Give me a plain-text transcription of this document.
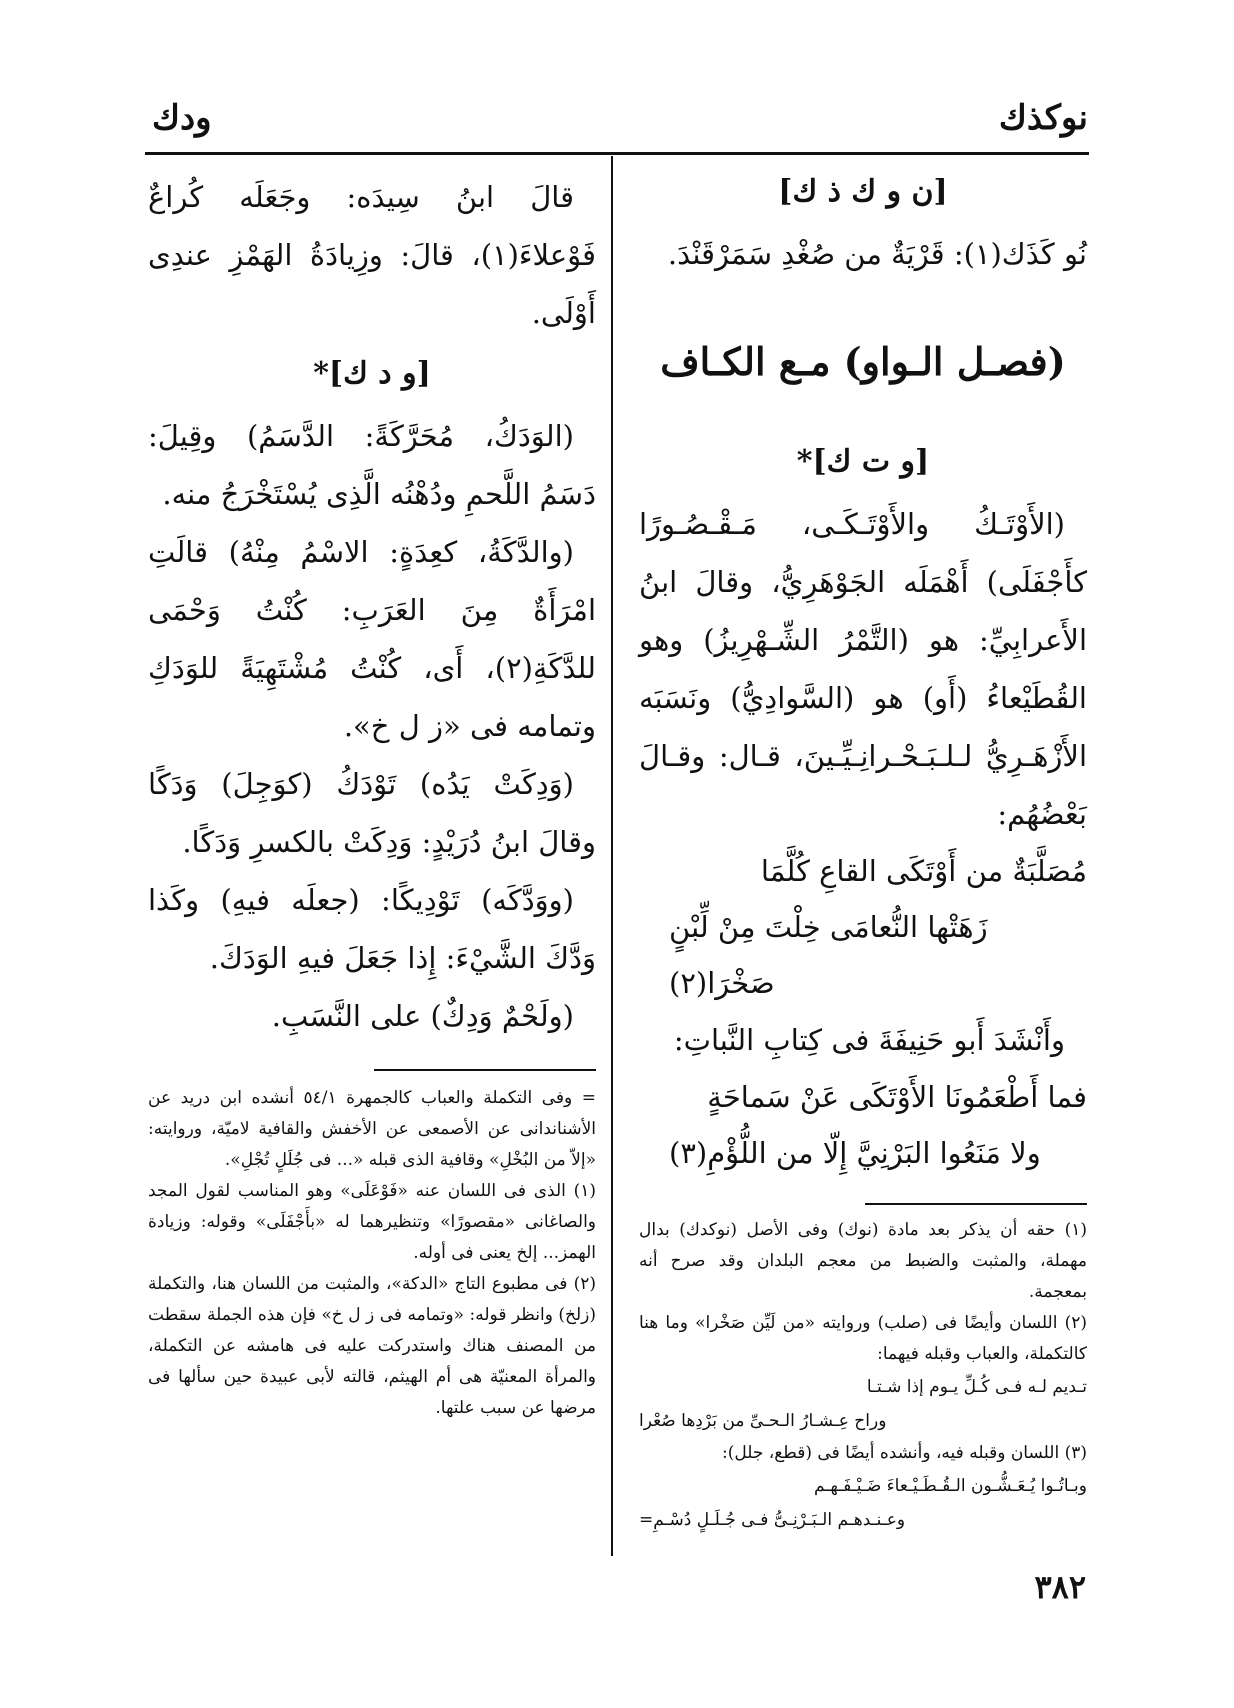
نوكذك
ودك
[ن و ك ذ ك]

نُو كَذَك(١): قَرْيَةٌ من صُغْدِ سَمَرْقَنْدَ.

(فصـل الـواو) مـع الكـاف
[و ت ك]*

(الأَوْتَـكُ والأَوْتَـكَـى، مَـقْـصُـورًا كأَجْفَلَى) أَهْمَلَه الجَوْهَرِيُّ، وقالَ ابنُ الأَعرابِيِّ: هو (التَّمْرُ الشِّـهْرِيزُ) وهو القُطَيْعاءُ (أَو) هو (السَّوادِيُّ) ونَسَبَه الأَزْهَـرِيُّ لـلـبَـحْـرانِـيِّـينَ، قـال: وقـالَ بَعْضُهُم:

مُصَلَّبَةٌ من أَوْتَكَى القاعِ كُلَّمَا

زَهَتْها النُّعامَى خِلْتَ مِنْ لِّبْنٍ صَخْرَا(٢)

وأَنْشَدَ أَبو حَنِيفَةَ فى كِتابِ النَّباتِ:

فما أَطْعَمُونَا الأَوْتَكَى عَنْ سَماحَةٍ

ولا مَنَعُوا البَرْنِيَّ إِلّا من اللُّؤْمِ(٣)

(١) حقه أن يذكر بعد مادة (نوك) وفى الأصل (نوكدك) بدال مهملة، والمثبت والضبط من معجم البلدان وقد صرح أنه بمعجمة.

(٢) اللسان وأيضًا فى (صلب) وروايته «من لَيِّن صَخْرا» وما هنا كالتكملة، والعباب وقبله فيهما:

تـديم لـه فـى كُـلِّ يـوم إذا شـتـا

وراح عِـشـارُ الـحـىِّ من بَرْدِها صُعْرا

(٣) اللسان وقبله فيه، وأنشده أيضًا فى (قطع، جلل):

وبـاتُـوا يُـعَـشُّـون الـقُـطَـيْـعاءَ ضَـيْـفَـهـم

وعـنـدهـم الـبَـرْنِـىُّ فـى جُـلَـلٍ دُسْـمِ=

قالَ ابنُ سِيدَه: وجَعَلَه كُراعٌ فَوْعلاءَ(١)، قالَ: وزِيادَةُ الهَمْزِ عندِى أَوْلَى.

[و د ك]*

(الوَدَكُ، مُحَرَّكَةً: الدَّسَمُ) وقِيلَ: دَسَمُ اللَّحمِ ودُهْنُه الَّذِى يُسْتَخْرَجُ منه.

(والدَّكَةُ، كعِدَةٍ: الاسْمُ مِنْهُ) قالَتِ امْرَأَةٌ مِنَ العَرَبِ: كُنْتُ وَحْمَى للدَّكَةِ(٢)، أَى، كُنْتُ مُشْتَهِيَةً للوَدَكِ وتمامه فى «ز ل خ».

(وَدِكَتْ يَدُه) تَوْدَكُ (كوَجِلَ) وَدَكًا وقالَ ابنُ دُرَيْدٍ: وَدِكَتْ بالكسرِ وَدَكًا.

(ووَدَّكَه) تَوْدِيكًا: (جعلَه فيهِ) وكَذا وَدَّكَ الشَّيْءَ: إِذا جَعَلَ فيهِ الوَدَكَ.

(ولَحْمٌ وَدِكٌ) على النَّسَبِ.

= وفى التكملة والعباب كالجمهرة ٥٤/١ أنشده ابن دريد عن الأشناندانى عن الأصمعى عن الأخفش والقافية لاميّة، وروايته: «إلاّ من البُخْلِ» وقافية الذى قبله «... فى جُلَلٍ تُجْلِ».

(١) الذى فى اللسان عنه «فَوْعَلَى» وهو المناسب لقول المجد والصاغانى «مقصورًا» وتنظيرهما له «بأَجْفَلَى» وقوله: وزيادة الهمز... إلخ يعنى فى أوله.

(٢) فى مطبوع التاج «الدكة»، والمثبت من اللسان هنا، والتكملة (زلخ) وانظر قوله: «وتمامه فى ز ل خ» فإن هذه الجملة سقطت من المصنف هناك واستدركت عليه فى هامشه عن التكملة، والمرأة المعنيّة هى أم الهيثم، قالته لأبى عبيدة حين سألها فى مرضها عن سبب علتها.

٣٨٢
